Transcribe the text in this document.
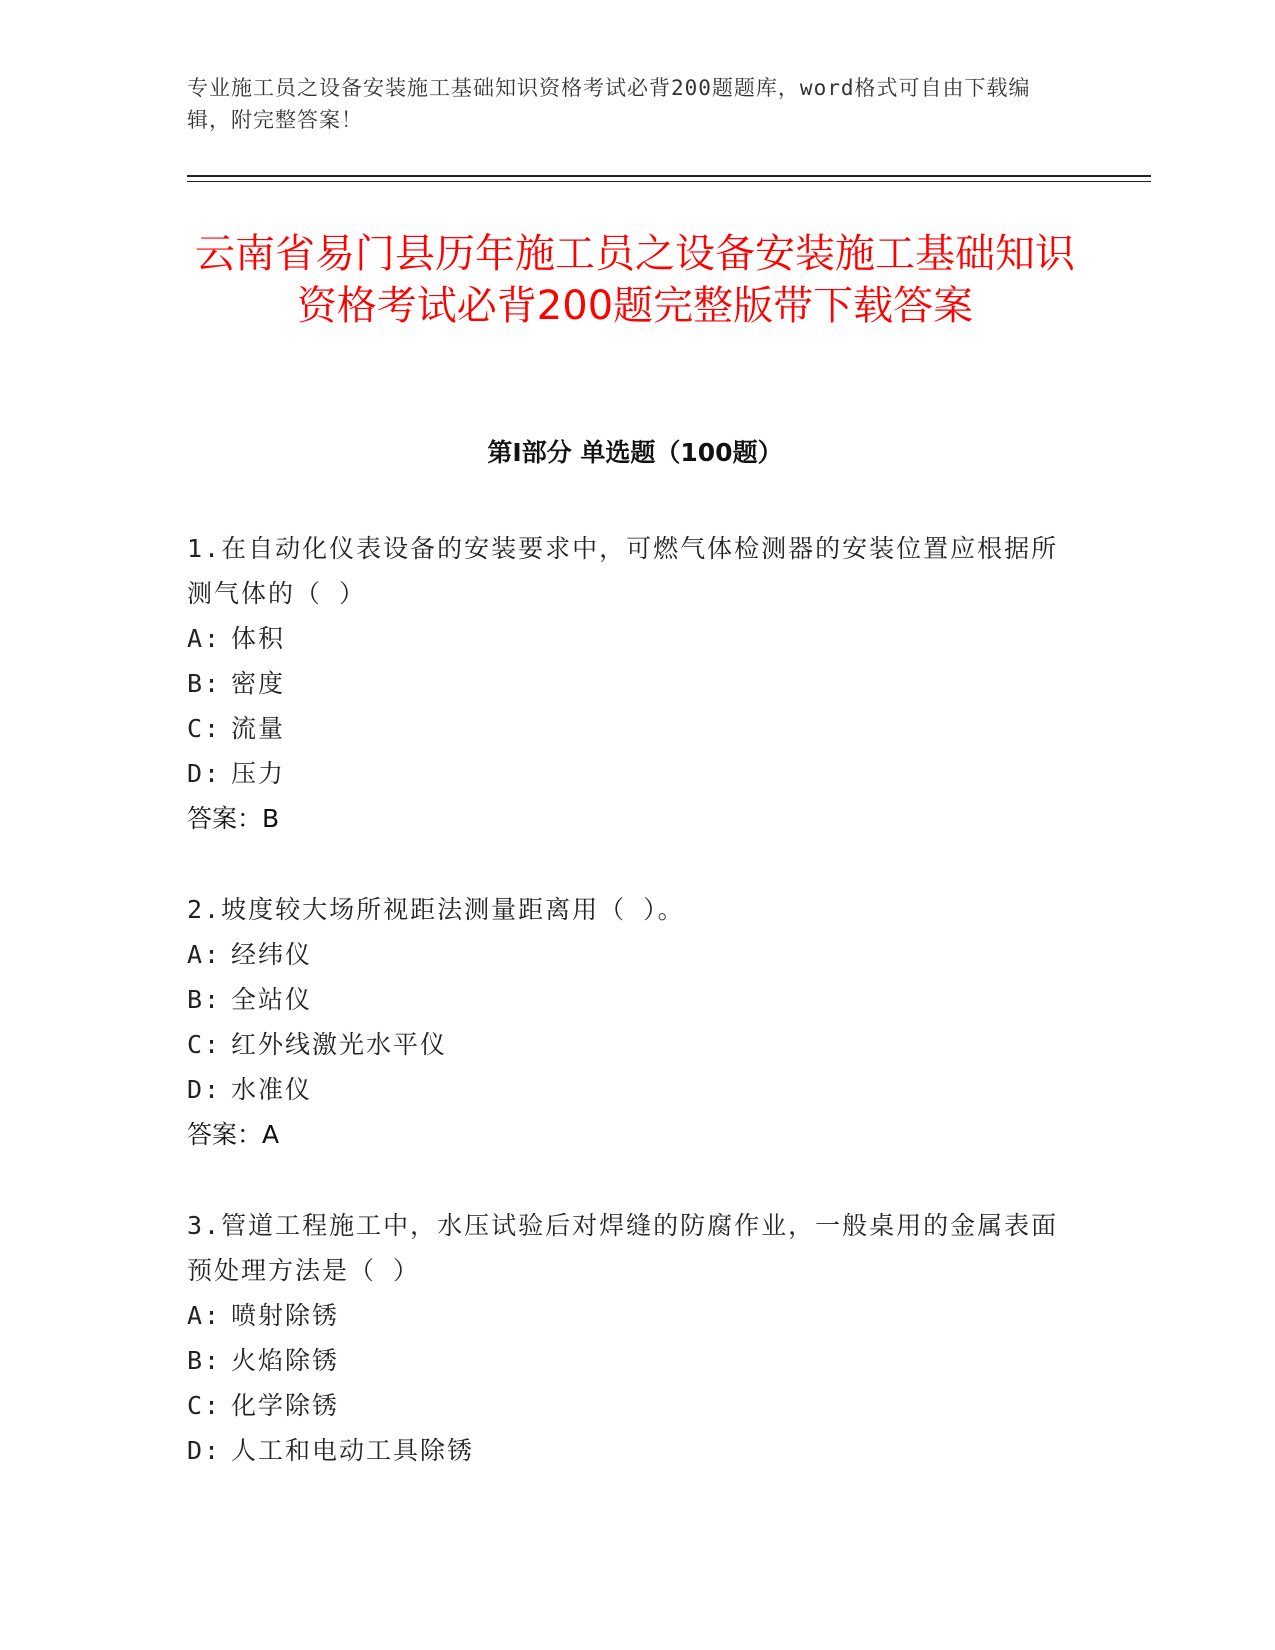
专业施工员之设备安装施工基础知识资格考试必背200题题库，word格式可自由下载编辑，附完整答案！

云南省易门县历年施工员之设备安装施工基础知识资格考试必背200题完整版带下载答案
第Ⅰ部分 单选题（100题）

1.在自动化仪表设备的安装要求中，可燃气体检测器的安装位置应根据所测气体的（ ）

A: 体积

B: 密度

C: 流量

D: 压力

答案：B

2.坡度较大场所视距法测量距离用（ ）。

A: 经纬仪

B: 全站仪

C: 红外线激光水平仪

D: 水准仪

答案：A

3.管道工程施工中，水压试验后对焊缝的防腐作业，一般桌用的金属表面预处理方法是（ ）

A: 喷射除锈

B: 火焰除锈

C: 化学除锈

D: 人工和电动工具除锈
